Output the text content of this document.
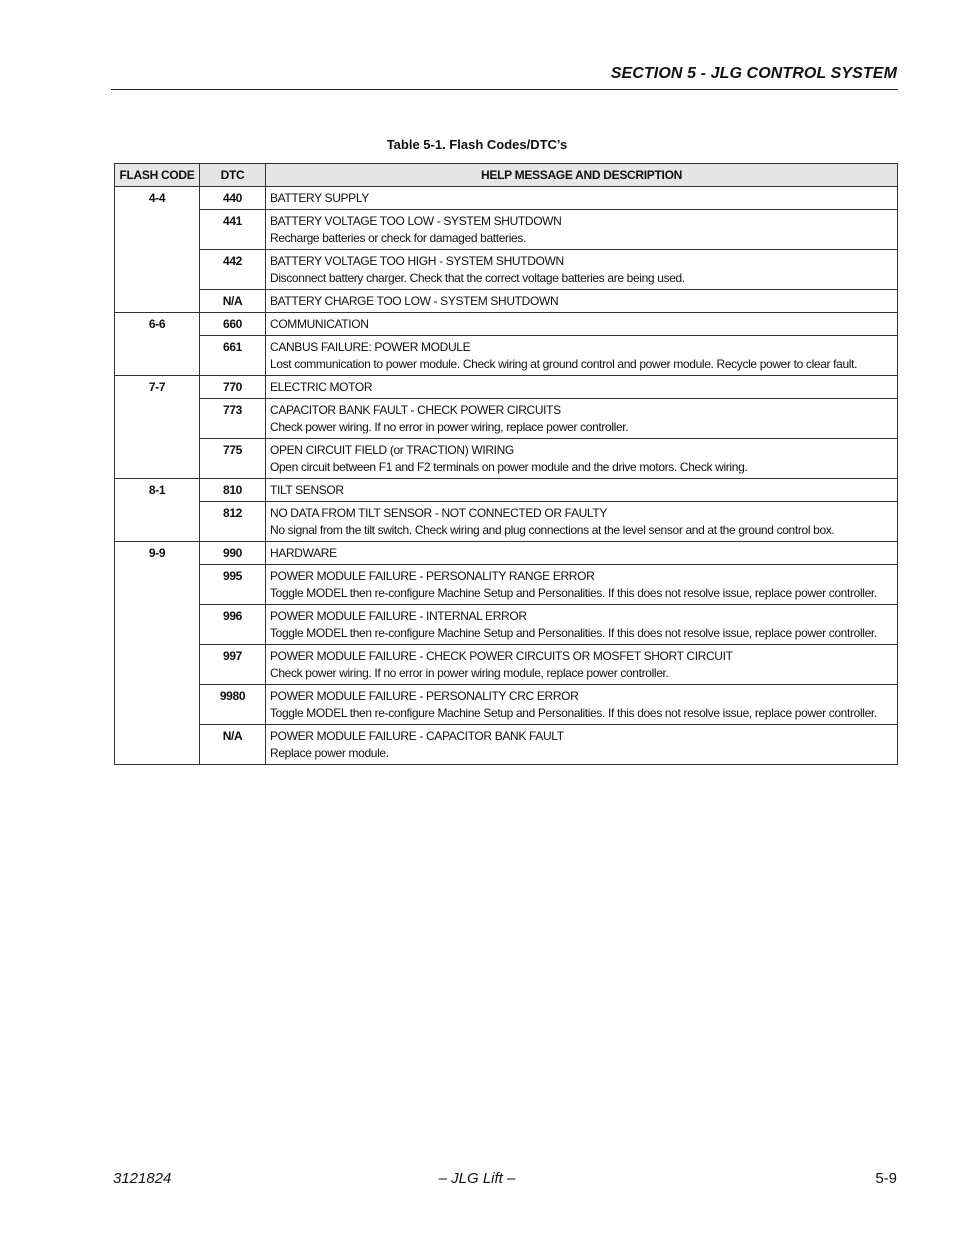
SECTION 5 - JLG CONTROL SYSTEM
Table 5-1. Flash Codes/DTC’s
FLASH CODE	DTC	HELP MESSAGE AND DESCRIPTION
4-4	440	BATTERY SUPPLY

	441	BATTERY VOLTAGE TOO LOW - SYSTEM SHUTDOWN
Recharge batteries or check for damaged batteries.

	442	BATTERY VOLTAGE TOO HIGH - SYSTEM SHUTDOWN
Disconnect battery charger. Check that the correct voltage batteries are being used.

	N/A	BATTERY CHARGE TOO LOW - SYSTEM SHUTDOWN

6-6	660	COMMUNICATION

	661	CANBUS FAILURE: POWER MODULE
Lost communication to power module. Check wiring at ground control and power module. Recycle power to clear fault.

7-7	770	ELECTRIC MOTOR

	773	CAPACITOR BANK FAULT - CHECK POWER CIRCUITS
Check power wiring. If no error in power wiring, replace power controller.

	775	OPEN CIRCUIT FIELD (or TRACTION) WIRING
Open circuit between F1 and F2 terminals on power module and the drive motors. Check wiring.

8-1	810	TILT SENSOR

	812	NO DATA FROM TILT SENSOR - NOT CONNECTED OR FAULTY
No signal from the tilt switch. Check wiring and plug connections at the level sensor and at the ground control box.

9-9	990	HARDWARE

	995	POWER MODULE FAILURE - PERSONALITY RANGE ERROR
Toggle MODEL then re-configure Machine Setup and Personalities. If this does not resolve issue, replace power controller.

	996	POWER MODULE FAILURE - INTERNAL ERROR
Toggle MODEL then re-configure Machine Setup and Personalities. If this does not resolve issue, replace power controller.

	997	POWER MODULE FAILURE - CHECK POWER CIRCUITS OR MOSFET SHORT CIRCUIT
Check power wiring. If no error in power wiring module, replace power controller.

	9980	POWER MODULE FAILURE - PERSONALITY CRC ERROR
Toggle MODEL then re-configure Machine Setup and Personalities. If this does not resolve issue, replace power controller.

	N/A	POWER MODULE FAILURE - CAPACITOR BANK FAULT
Replace power module.
3121824	– JLG Lift –	5-9
